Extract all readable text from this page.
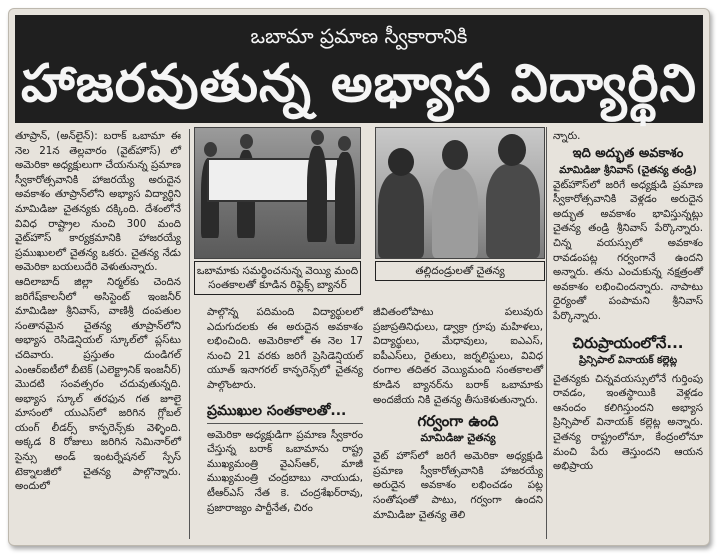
ఒబామా ప్రమాణ స్వీకారానికి
హాజరవుతున్న అభ్యాస విద్యార్థిని

తూప్రాన్, (అన్‌లైన్): బరాక్ ఒబామా ఈ నెల 21న తెల్లవారం (వైట్‌హౌస్) లో అమెరికా అధ్యక్షులుగా చేయనున్న ప్రమాణ స్వీకారోత్సవానికి హాజరయ్యే అరుదైన అవకాశం తూప్రాన్‌లోని అభ్యాస విద్యార్థిని మామిడిజు చైతన్యకు దక్కింది. దేశంలోనే వివిధ రాష్ట్రాల నుంచి 300 మంది వైట్‌హౌస్ కార్యక్రమానికి హాజరయ్యే ప్రముఖులలో చైతన్య ఒకరు. చైతన్య నేడు అమెరికా బయలుదేరి వెళుతున్నారు.

ఆదిలాబాద్ జిల్లా నిర్మల్‌కు చెందిన జరిగేష్‌కాలనీలో అసిస్టెంట్ ఇంజనీర్ మామిడిజు శ్రీనివాస్, వాణిశ్రీ దంపతుల సంతానమైన చైతన్య తూప్రాన్‌లోని అభ్యాస రెసిడెన్షియల్ స్కూల్‌లో ప్లస్‌టు చదివారు. ప్రస్తుతం దుండిగల్ ఎంఆర్‌ఐటీలో బీటెక్ (ఎలెక్ట్రానిక్ ఇంజనీర్) మొదటి సంవత్సరం చదువుతున్నది. అభ్యాస స్కూల్ తరఫున గత జూలై మాసంలో యుఎస్‌లో జరిగిన గ్లోబల్ యంగ్ లీడర్స్ కాన్ఫరెన్స్‌కు వెళ్ళింది. అక్కడ 8 రోజులు జరిగిన సెమినార్‌లో సైన్సు అండ్ ఇంటర్నేషనల్ స్పేస్ టెక్నాలజీలో చైతన్య పాల్గొన్నారు. అందులో

ఒబామాకు సమర్థించనున్న వెయ్యి మంది సంతకాలతో కూడిన రిఫ్లెక్స్ బ్యానర్
తల్లిదండ్రులతో చైతన్య

పాల్గొన్న పదిమంది విద్యార్థులలో ఎదుగుదలకు ఈ అరుదైన అవకాశం లభించింది. అమెరికాలో ఈ నెల 17 నుంచి 21 వరకు జరిగే ప్రెసిడెన్షియల్ యూత్ ఇనాగరల్ కాన్ఫరెన్స్‌లో చైతన్య పాల్గొంటారు.

ప్రముఖుల సంతకాలతో...

అమెరికా అధ్యక్షుడిగా ప్రమాణ స్వీకారం చేస్తున్న బరాక్ ఒబామాను రాష్ట్ర ముఖ్యమంత్రి వైఎస్ఆర్, మాజీ ముఖ్యమంత్రి చంద్రబాబు నాయుడు, టీఆర్ఎస్ నేత కె. చంద్రశేఖర్‌రావు, ప్రజారాజ్యం పార్టీనేత, చిరం

జీవితంలోపాటు పలువురు ప్రజాప్రతినిధులు, డ్వాక్రా గ్రూపు మహిళలు, విద్యార్థులు, మేధావులు, ఐఎఎస్, ఐపీఎస్‌లు, రైతులు, జర్నలిస్టులు, వివిధ రంగాల తదితర వెయ్యిమంది సంతకాలతో కూడిన బ్యానర్‌ను బరాక్ ఒబామాకు అందజేయ నికి చైతన్య తీసుకెళుతున్నారు.

గర్వంగా ఉంది
మామిడిజు చైతన్య

వైట్ హౌస్‌లో జరిగే అమెరికా అధ్యక్షుడి ప్రమాణ స్వీకారోత్సవానికి హాజరయ్యే అరుదైన అవకాశం లభించడం పట్ల సంతోషంతో పాటు, గర్వంగా ఉందని మామిడిజు చైతన్య తెలి

న్నారు.

ఇది అద్భుత అవకాశం
మామిడిజు శ్రీనివాస్ (చైతన్య తండ్రి)

వైట్‌హౌస్‌లో జరిగే అధ్యక్షుడి ప్రమాణ స్వీకారోత్సవానికి వెళ్లడం అరుదైన అద్భుత అవకాశం భావిస్తున్నట్లు చైతన్య తండ్రి శ్రీనివాస్ పేర్కొన్నారు. చిన్న వయస్సులో అవకాశం రావడంపట్ల గర్వంగానే ఉందని అన్నారు. తను ఎంచుకున్న నక్షత్రంతో అవకాశం లభించిందన్నారు. నాపాటు ధైర్యంతో పంపామని శ్రీనివాస్ పేర్కొన్నారు.

చిరుప్రాయంలోనే...
ప్రిన్సిపాల్ వినాయక్ కల్లెట్ల

చైతన్యకు చిన్నవయస్సులోనే గుర్తింపు రావడం, ఇంతస్థాయికి వెళ్లడం ఆనందం కలిగిస్తుందని అభ్యాస ప్రిన్సిపాల్ వినాయక్ కల్లెట్ల అన్నారు. చైతన్య రాష్ట్రంలోనూ, కేంద్రంలోనూ మంచి పేరు తెస్తుందని ఆయన అభిప్రాయ
